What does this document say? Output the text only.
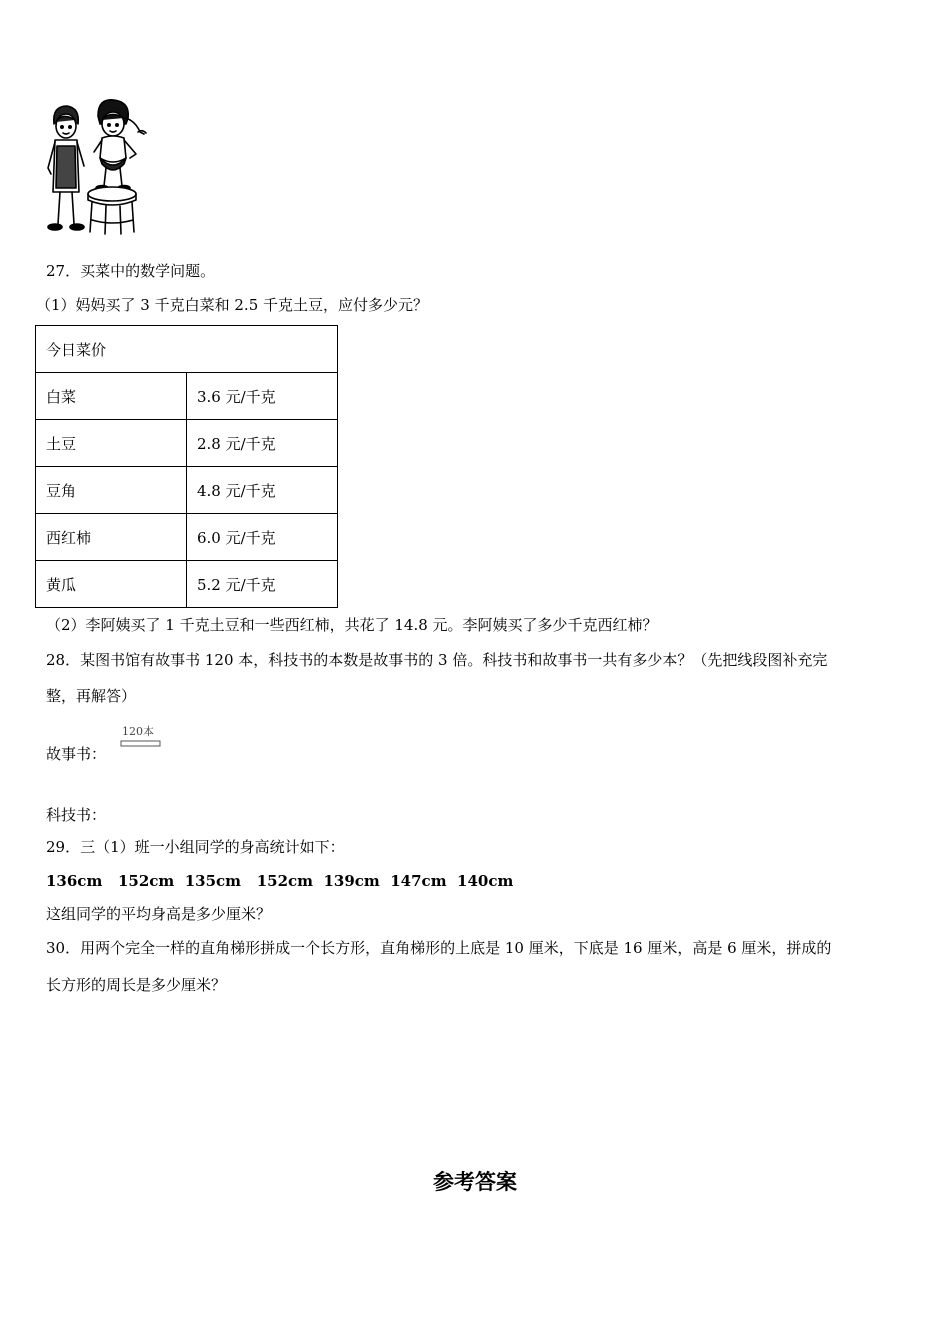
27．买菜中的数学问题。
（1）妈妈买了 3 千克白菜和 2.5 千克土豆，应付多少元？
今日菜价	
白菜	3.6 元/千克
土豆	2.8 元/千克
豆角	4.8 元/千克
西红柿	6.0 元/千克
黄瓜	5.2 元/千克
（2）李阿姨买了 1 千克土豆和一些西红柿，共花了 14.8 元。李阿姨买了多少千克西红柿？
28．某图书馆有故事书 120 本，科技书的本数是故事书的 3 倍。科技书和故事书一共有多少本？（先把线段图补充完
整，再解答）
故事书：
120本
科技书：
29．三（1）班一小组同学的身高统计如下：
136cm   152cm  135cm   152cm  139cm  147cm  140cm
这组同学的平均身高是多少厘米？
30．用两个完全一样的直角梯形拼成一个长方形，直角梯形的上底是 10 厘米，下底是 16 厘米，高是 6 厘米，拼成的
长方形的周长是多少厘米？
参考答案
